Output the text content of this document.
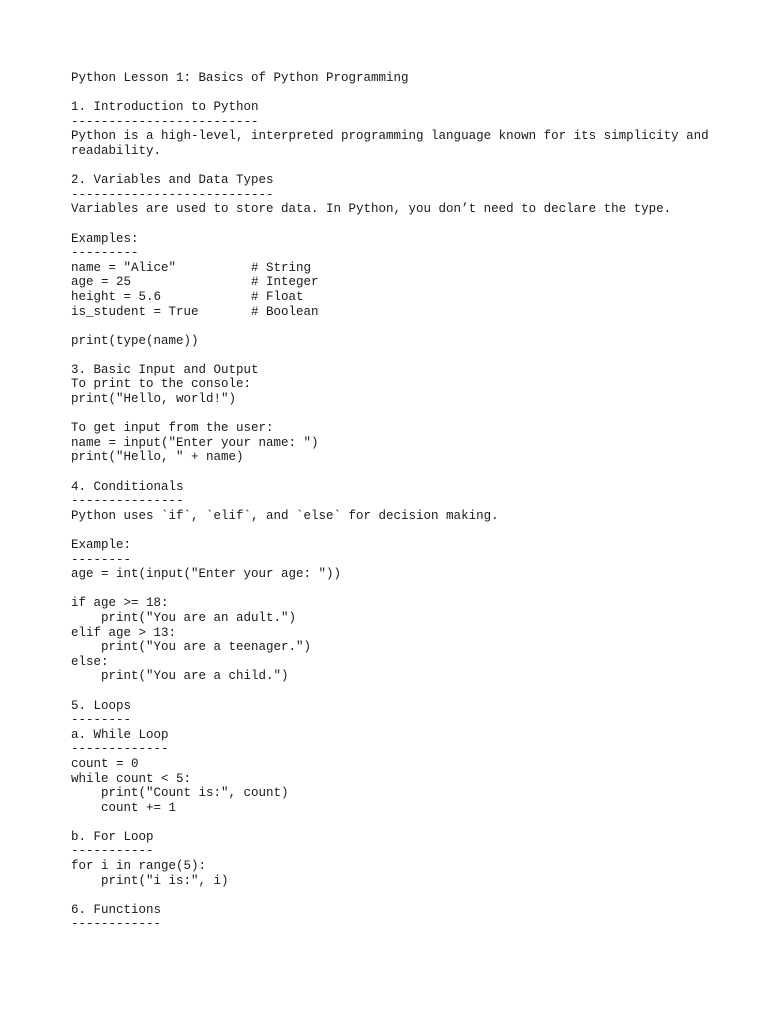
Python Lesson 1: Basics of Python Programming
1. Introduction to Python
-------------------------
Python is a high-level, interpreted programming language known for its simplicity and readability.
2. Variables and Data Types
---------------------------
Variables are used to store data. In Python, you don’t need to declare the type.
Examples:
---------
name = "Alice"          # String
age = 25                # Integer
height = 5.6            # Float
is_student = True       # Boolean
print(type(name))
3. Basic Input and Output
To print to the console:
print("Hello, world!")
To get input from the user:
name = input("Enter your name: ")
print("Hello, " + name)
4. Conditionals
---------------
Python uses `if`, `elif`, and `else` for decision making.
Example:
--------
age = int(input("Enter your age: "))
if age >= 18:
print("You are an adult.")
elif age > 13:
print("You are a teenager.")
else:
print("You are a child.")
5. Loops
--------
a. While Loop
-------------
count = 0
while count < 5:
print("Count is:", count)
count += 1
b. For Loop
-----------
for i in range(5):
print("i is:", i)
6. Functions
------------
